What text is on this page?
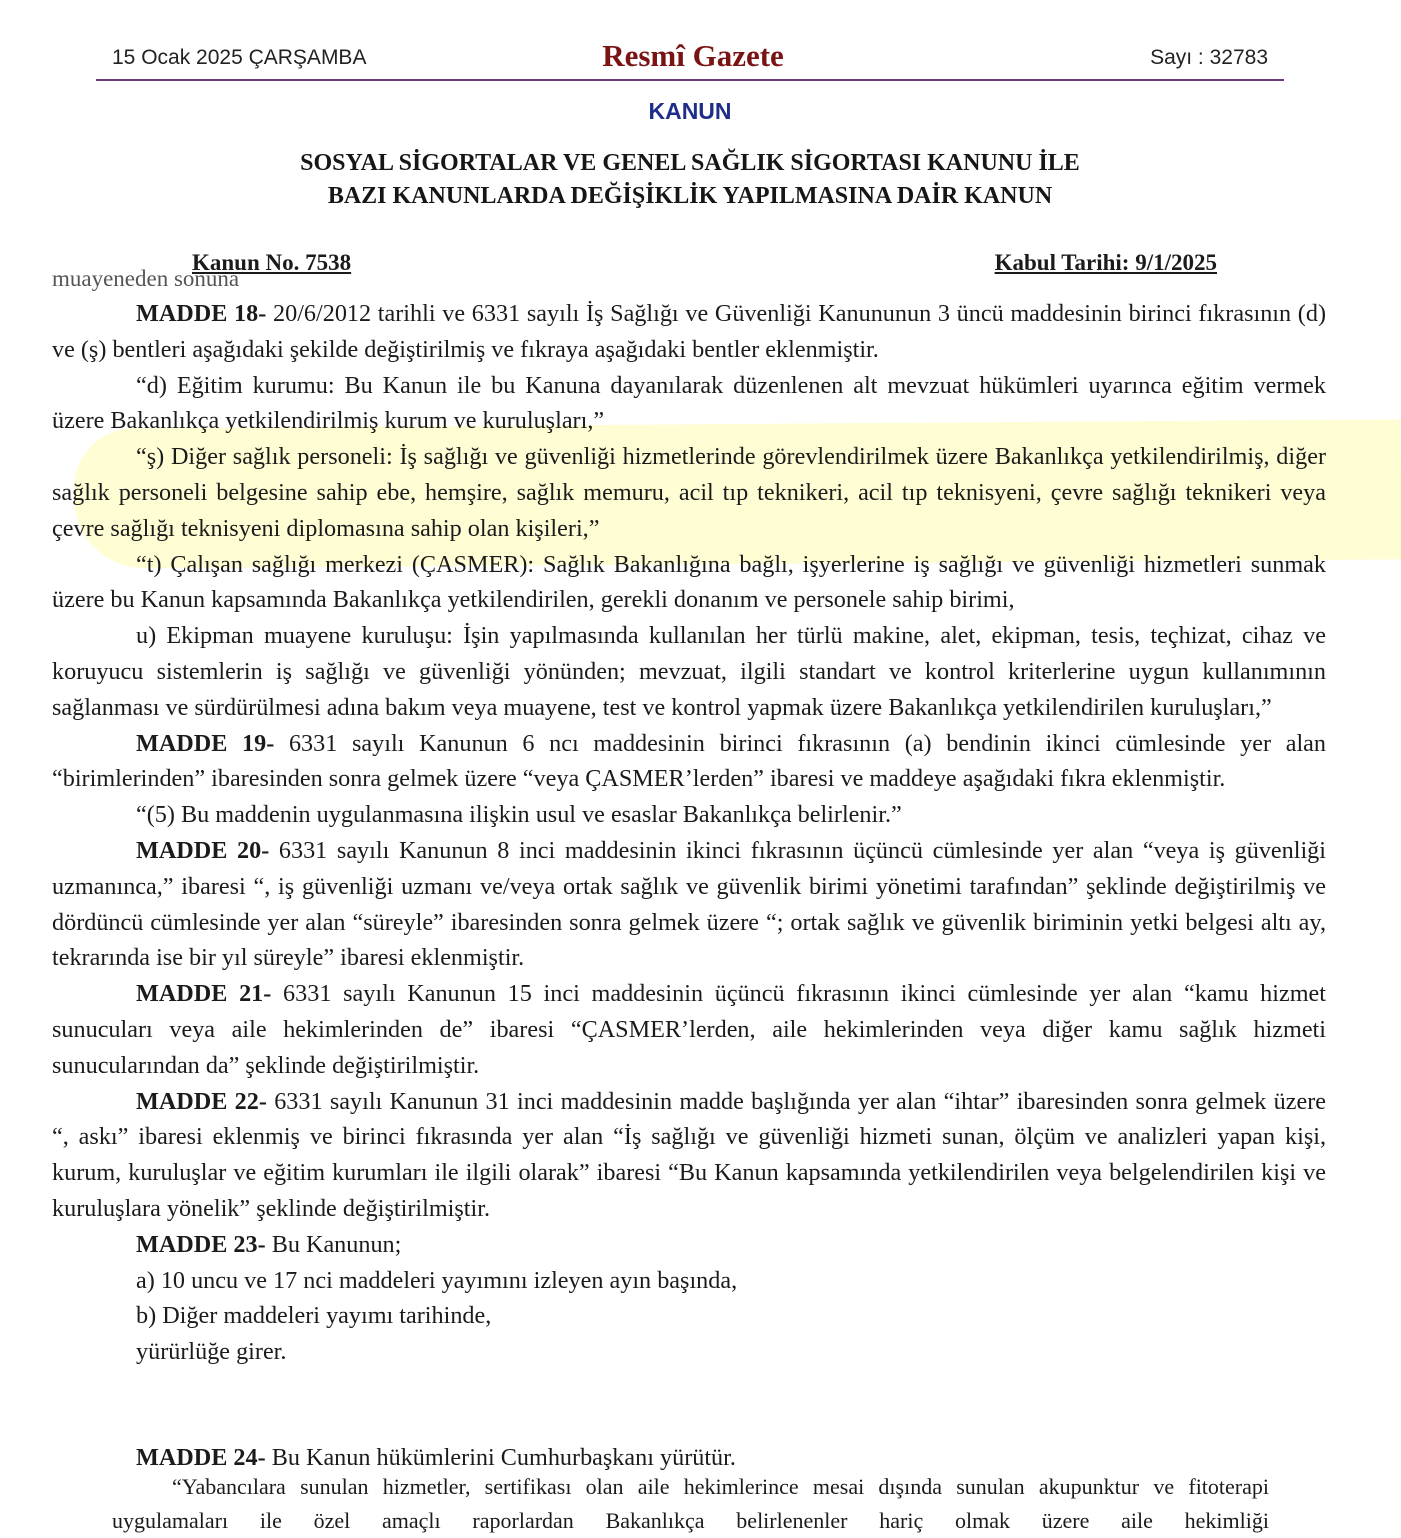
15 Ocak 2025 ÇARŞAMBA	Resmî Gazete	Sayı : 32783
KANUN
SOSYAL SİGORTALAR VE GENEL SAĞLIK SİGORTASI KANUNU İLE
BAZI KANUNLARDA DEĞİŞİKLİK YAPILMASINA DAİR KANUN
Kanun No. 7538	Kabul Tarihi: 9/1/2025
muayeneden sonuna
MADDE 18- 20/6/2012 tarihli ve 6331 sayılı İş Sağlığı ve Güvenliği Kanununun 3 üncü maddesinin birinci fıkrasının (d) ve (ş) bentleri aşağıdaki şekilde değiştirilmiş ve fıkraya aşağıdaki bentler eklenmiştir.
“d) Eğitim kurumu: Bu Kanun ile bu Kanuna dayanılarak düzenlenen alt mevzuat hükümleri uyarınca eğitim vermek üzere Bakanlıkça yetkilendirilmiş kurum ve kuruluşları,”
“ş) Diğer sağlık personeli: İş sağlığı ve güvenliği hizmetlerinde görevlendirilmek üzere Bakanlıkça yetkilendirilmiş, diğer sağlık personeli belgesine sahip ebe, hemşire, sağlık memuru, acil tıp teknikeri, acil tıp teknisyeni, çevre sağlığı teknikeri veya çevre sağlığı teknisyeni diplomasına sahip olan kişileri,”
“t) Çalışan sağlığı merkezi (ÇASMER): Sağlık Bakanlığına bağlı, işyerlerine iş sağlığı ve güvenliği hizmetleri sunmak üzere bu Kanun kapsamında Bakanlıkça yetkilendirilen, gerekli donanım ve personele sahip birimi,
u) Ekipman muayene kuruluşu: İşin yapılmasında kullanılan her türlü makine, alet, ekipman, tesis, teçhizat, cihaz ve koruyucu sistemlerin iş sağlığı ve güvenliği yönünden; mevzuat, ilgili standart ve kontrol kriterlerine uygun kullanımının sağlanması ve sürdürülmesi adına bakım veya muayene, test ve kontrol yapmak üzere Bakanlıkça yetkilendirilen kuruluşları,”
MADDE 19- 6331 sayılı Kanunun 6 ncı maddesinin birinci fıkrasının (a) bendinin ikinci cümlesinde yer alan “birimlerinden” ibaresinden sonra gelmek üzere “veya ÇASMER’lerden” ibaresi ve maddeye aşağıdaki fıkra eklenmiştir.
“(5) Bu maddenin uygulanmasına ilişkin usul ve esaslar Bakanlıkça belirlenir.”
MADDE 20- 6331 sayılı Kanunun 8 inci maddesinin ikinci fıkrasının üçüncü cümlesinde yer alan “veya iş güvenliği uzmanınca,” ibaresi “, iş güvenliği uzmanı ve/veya ortak sağlık ve güvenlik birimi yönetimi tarafından” şeklinde değiştirilmiş ve dördüncü cümlesinde yer alan “süreyle” ibaresinden sonra gelmek üzere “; ortak sağlık ve güvenlik biriminin yetki belgesi altı ay, tekrarında ise bir yıl süreyle” ibaresi eklenmiştir.
MADDE 21- 6331 sayılı Kanunun 15 inci maddesinin üçüncü fıkrasının ikinci cümlesinde yer alan “kamu hizmet sunucuları veya aile hekimlerinden de” ibaresi “ÇASMER’lerden, aile hekimlerinden veya diğer kamu sağlık hizmeti sunucularından da” şeklinde değiştirilmiştir.
MADDE 22- 6331 sayılı Kanunun 31 inci maddesinin madde başlığında yer alan “ihtar” ibaresinden sonra gelmek üzere “, askı” ibaresi eklenmiş ve birinci fıkrasında yer alan “İş sağlığı ve güvenliği hizmeti sunan, ölçüm ve analizleri yapan kişi, kurum, kuruluşlar ve eğitim kurumları ile ilgili olarak” ibaresi “Bu Kanun kapsamında yetkilendirilen veya belgelendirilen kişi ve kuruluşlara yönelik” şeklinde değiştirilmiştir.
MADDE 23- Bu Kanunun;
a) 10 uncu ve 17 nci maddeleri yayımını izleyen ayın başında,
b) Diğer maddeleri yayımı tarihinde,
yürürlüğe girer.
MADDE 24- Bu Kanun hükümlerini Cumhurbaşkanı yürütür.
“Yabancılara sunulan hizmetler, sertifikası olan aile hekimlerince mesai dışında sunulan akupunktur ve fitoterapi uygulamaları ile özel amaçlı raporlardan Bakanlıkça belirlenenler hariç olmak üzere aile hekimliği
